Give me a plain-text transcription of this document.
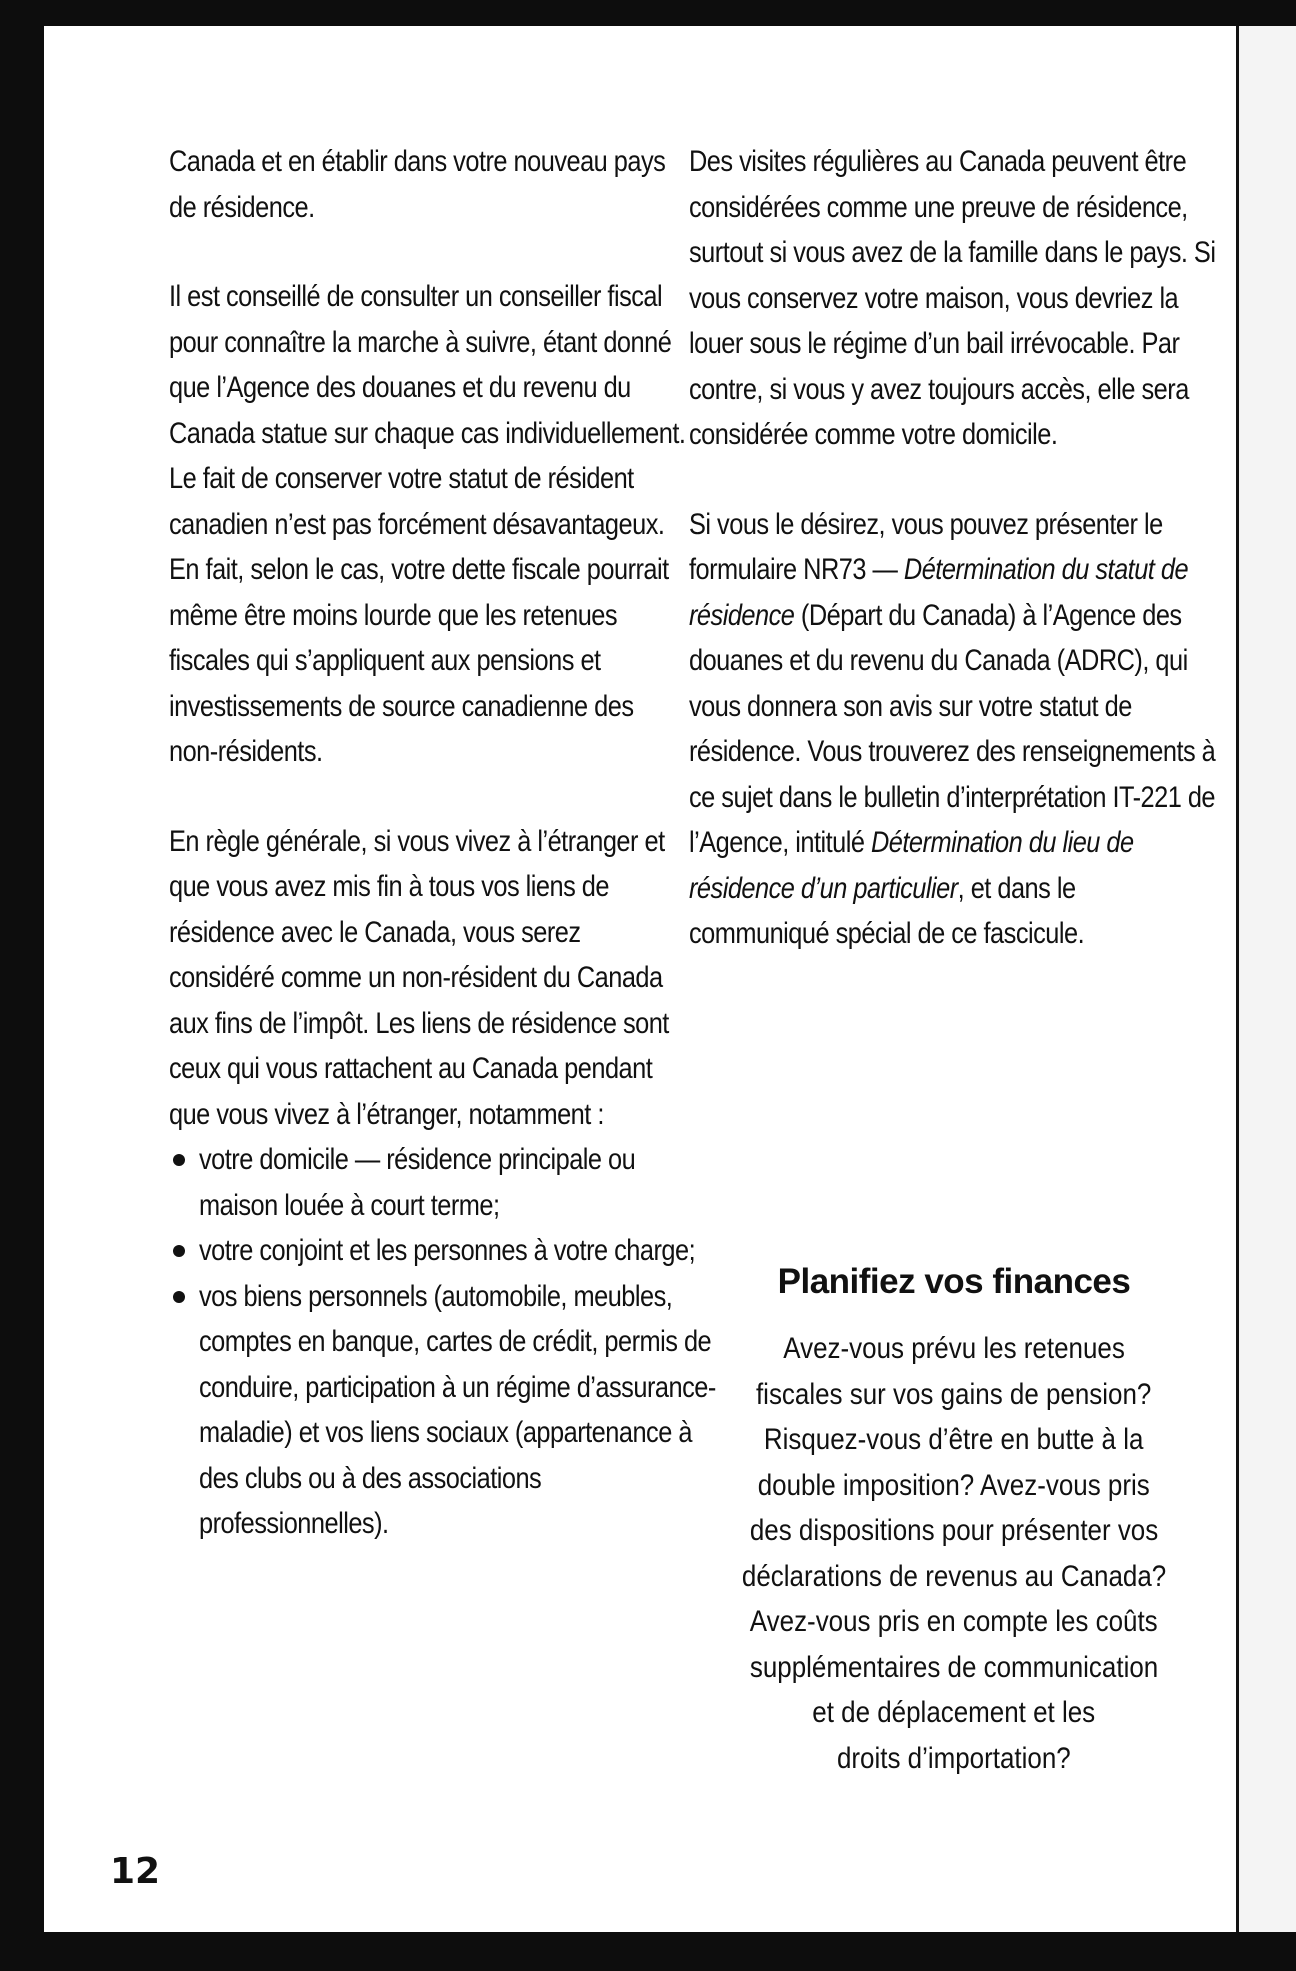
Canada et en établir dans votre nouveau pays de résidence.

Il est conseillé de consulter un conseiller fiscal pour connaître la marche à suivre, étant donné que l’Agence des douanes et du revenu du Canada statue sur chaque cas individuellement. Le fait de conserver votre statut de résident canadien n’est pas forcément désavantageux. En fait, selon le cas, votre dette fiscale pourrait même être moins lourde que les retenues fiscales qui s’appliquent aux pensions et investissements de source canadienne des non-résidents.

En règle générale, si vous vivez à l’étranger et que vous avez mis fin à tous vos liens de résidence avec le Canada, vous serez considéré comme un non-résident du Canada aux fins de l’impôt. Les liens de résidence sont ceux qui vous rattachent au Canada pendant que vous vivez à l’étranger, notamment :

votre domicile — résidence principale ou maison louée à court terme;
votre conjoint et les personnes à votre charge;
vos biens personnels (automobile, meubles, comptes en banque, cartes de crédit, permis de conduire, participation à un régime d’assurance-maladie) et vos liens sociaux (appartenance à des clubs ou à des associations professionnelles).

Des visites régulières au Canada peuvent être considérées comme une preuve de résidence, surtout si vous avez de la famille dans le pays. Si vous conservez votre maison, vous devriez la louer sous le régime d’un bail irrévocable. Par contre, si vous y avez toujours accès, elle sera considérée comme votre domicile.

Si vous le désirez, vous pouvez présenter le formulaire NR73 — Détermination du statut de résidence (Départ du Canada) à l’Agence des douanes et du revenu du Canada (ADRC), qui vous donnera son avis sur votre statut de résidence. Vous trouverez des renseignements à ce sujet dans le bulletin d’interprétation IT-221 de l’Agence, intitulé Détermination du lieu de résidence d’un particulier, et dans le communiqué spécial de ce fascicule.

Planifiez vos finances
Avez-vous prévu les retenues
fiscales sur vos gains de pension?
Risquez-vous d’être en butte à la
double imposition? Avez-vous pris
des dispositions pour présenter vos
déclarations de revenus au Canada?
Avez-vous pris en compte les coûts
supplémentaires de communication
et de déplacement et les
droits d’importation?
12
